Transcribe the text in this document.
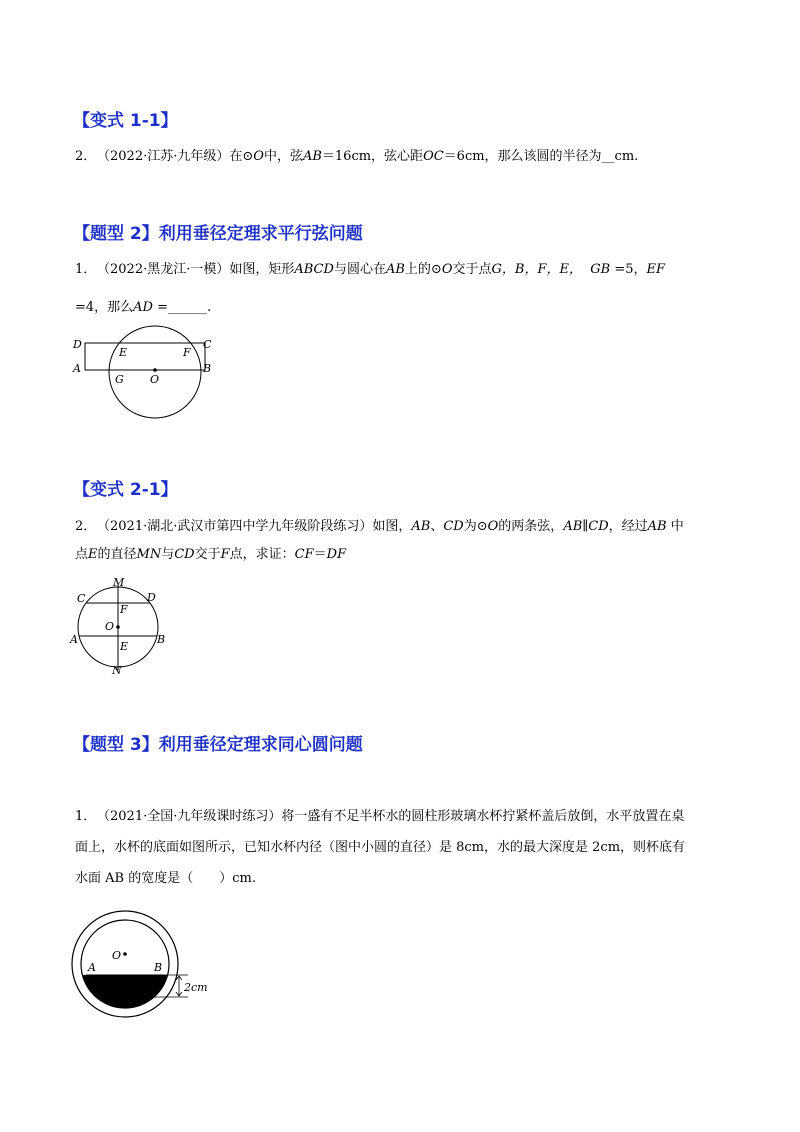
【变式 1-1】
2．（2022·江苏·九年级）在⊙O中，弦AB＝16cm，弦心距OC＝6cm，那么该圆的半径为__cm.
【题型 2】利用垂径定理求平行弦问题
1．（2022·黑龙江·一模）如图，矩形ABCD与圆心在AB上的⊙O交于点G，B，F，E， GB =5，EF
=4，那么AD =______.
D
E	F
C
A
G O
B
【变式 2-1】
2．（2021·湖北·武汉市第四中学九年级阶段练习）如图，AB、CD为⊙O的两条弦，AB∥CD，经过AB 中
点E的直径MN与CD交于F点，求证：CF＝DF
M
C
F
D
O
A	B
E
N
【题型 3】利用垂径定理求同心圆问题
1．（2021·全国·九年级课时练习）将一盛有不足半杯水的圆柱形玻璃水杯拧紧杯盖后放倒，水平放置在桌
面上，水杯的底面如图所示，已知水杯内径（图中小圆的直径）是 8cm，水的最大深度是 2cm，则杯底有
水面 AB 的宽度是（　　）cm.
O
A	B
2cm
